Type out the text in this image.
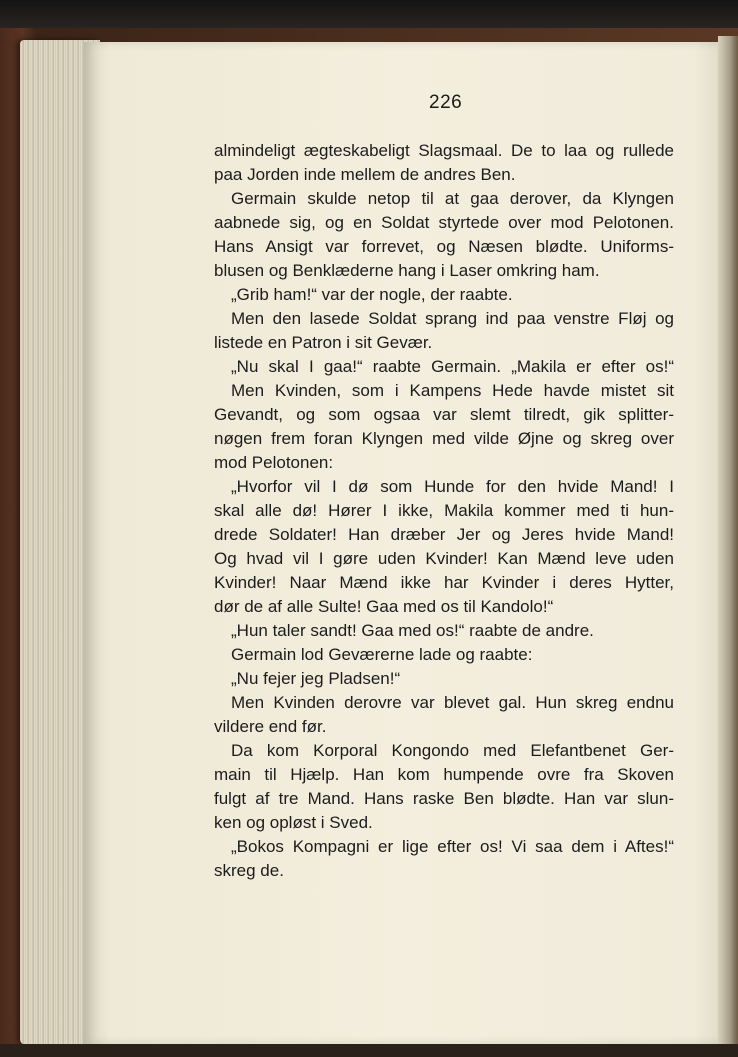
226
almindeligt ægteskabeligt Slagsmaal. De to laa og rullede
paa Jorden inde mellem de andres Ben.
Germain skulde netop til at gaa derover, da Klyngen
aabnede sig, og en Soldat styrtede over mod Pelotonen.
Hans Ansigt var forrevet, og Næsen blødte. Uniforms-
blusen og Benklæderne hang i Laser omkring ham.
„Grib ham!“ var der nogle, der raabte.
Men den lasede Soldat sprang ind paa venstre Fløj og
listede en Patron i sit Gevær.
„Nu skal I gaa!“ raabte Germain. „Makila er efter os!“
Men Kvinden, som i Kampens Hede havde mistet sit
Gevandt, og som ogsaa var slemt tilredt, gik splitter-
nøgen frem foran Klyngen med vilde Øjne og skreg over
mod Pelotonen:
„Hvorfor vil I dø som Hunde for den hvide Mand! I
skal alle dø! Hører I ikke, Makila kommer med ti hun-
drede Soldater! Han dræber Jer og Jeres hvide Mand!
Og hvad vil I gøre uden Kvinder! Kan Mænd leve uden
Kvinder! Naar Mænd ikke har Kvinder i deres Hytter,
dør de af alle Sulte! Gaa med os til Kandolo!“
„Hun taler sandt! Gaa med os!“ raabte de andre.
Germain lod Geværerne lade og raabte:
„Nu fejer jeg Pladsen!“
Men Kvinden derovre var blevet gal. Hun skreg endnu
vildere end før.
Da kom Korporal Kongondo med Elefantbenet Ger-
main til Hjælp. Han kom humpende ovre fra Skoven
fulgt af tre Mand. Hans raske Ben blødte. Han var slun-
ken og opløst i Sved.
„Bokos Kompagni er lige efter os! Vi saa dem i Aftes!“
skreg de.
